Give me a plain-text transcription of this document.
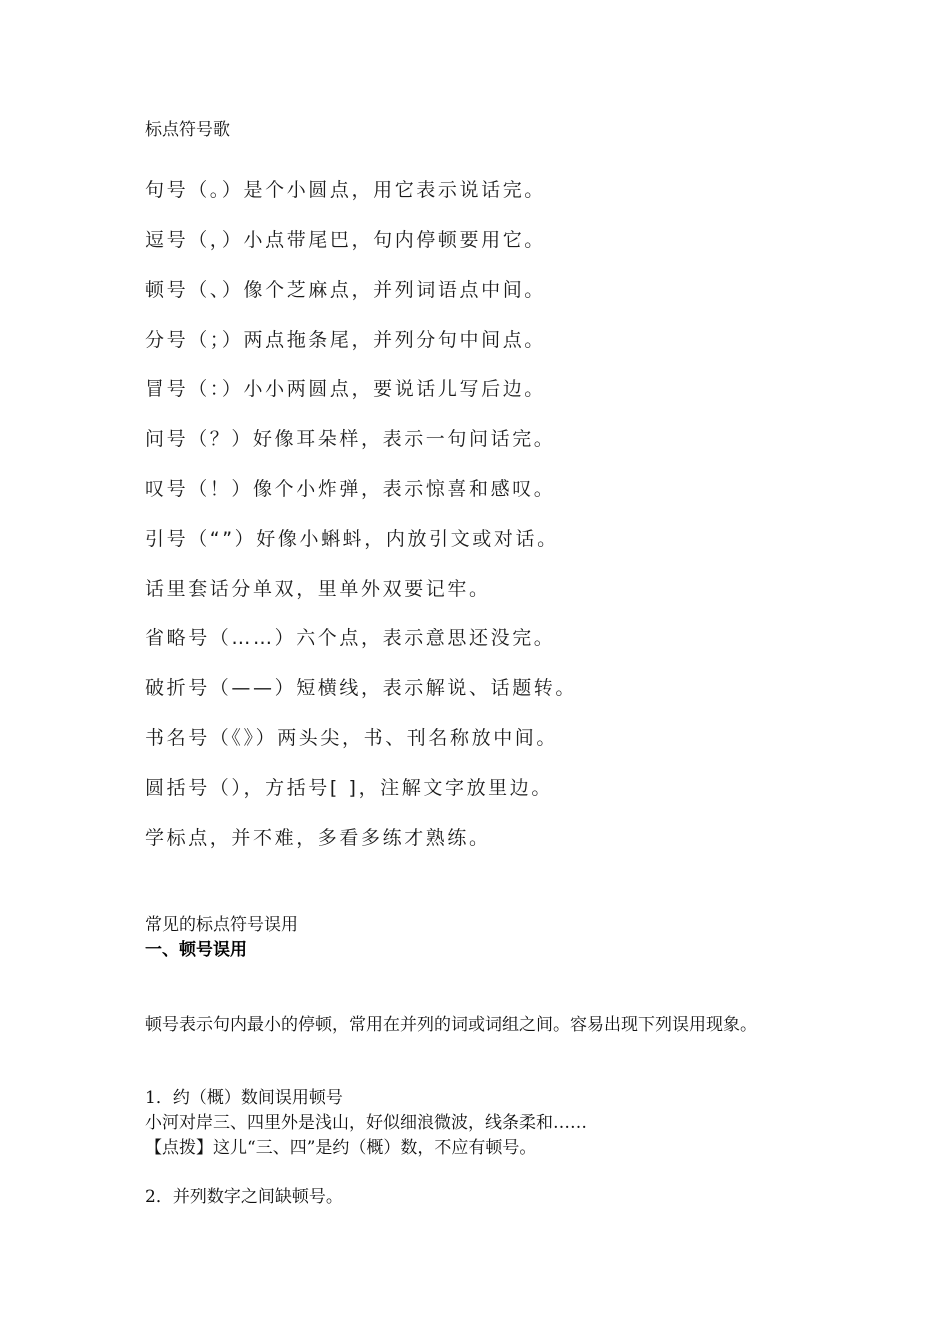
标点符号歌
句号（。）是个小圆点，用它表示说话完。
逗号（，）小点带尾巴，句内停顿要用它。
顿号（、）像个芝麻点，并列词语点中间。
分号（；）两点拖条尾，并列分句中间点。
冒号（：）小小两圆点，要说话儿写后边。
问号（？）好像耳朵样，表示一句问话完。
叹号（！）像个小炸弹，表示惊喜和感叹。
引号（“”）好像小蝌蚪，内放引文或对话。
话里套话分单双，里单外双要记牢。
省略号（……）六个点，表示意思还没完。
破折号（——）短横线，表示解说、话题转。
书名号（《》）两头尖，书、刊名称放中间。
圆括号（），方括号[ ]，注解文字放里边。
学标点，并不难，多看多练才熟练。
常见的标点符号误用
一、顿号误用
顿号表示句内最小的停顿，常用在并列的词或词组之间。容易出现下列误用现象。
1．约（概）数间误用顿号
小河对岸三、四里外是浅山，好似细浪微波，线条柔和……
【点拨】这儿“三、四”是约（概）数，不应有顿号。
2．并列数字之间缺顿号。
